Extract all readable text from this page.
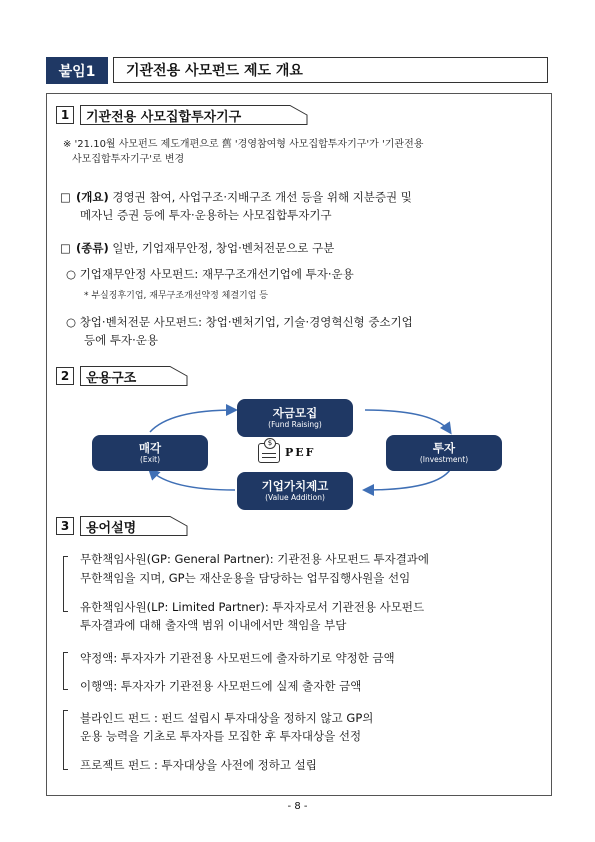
붙임1	기관전용 사모펀드 제도 개요
1	기관전용 사모집합투자기구
※ '21.10월 사모펀드 제도개편으로 舊 '경영참여형 사모집합투자기구'가 '기관전용
사모집합투자기구'로 변경
□ (개요) 경영권 참여, 사업구조·지배구조 개선 등을 위해 지분증권 및
메자닌 증권 등에 투자·운용하는 사모집합투자기구
□ (종류) 일반, 기업재무안정, 창업·벤처전문으로 구분
○ 기업재무안정 사모펀드: 재무구조개선기업에 투자·운용
* 부실징후기업, 재무구조개선약정 체결기업 등
○ 창업·벤처전문 사모펀드: 창업·벤처기업, 기술·경영혁신형 중소기업
등에 투자·운용
2	운용구조
자금모집
(Fund Raising)
투자
(Investment)
기업가치제고
(Value Addition)
매각
(Exit)
$
PEF
3	용어설명
무한책임사원(GP: General Partner): 기관전용 사모펀드 투자결과에
무한책임을 지며, GP는 재산운용을 담당하는 업무집행사원을 선임
유한책임사원(LP: Limited Partner): 투자자로서 기관전용 사모펀드
투자결과에 대해 출자액 범위 이내에서만 책임을 부담
약정액: 투자자가 기관전용 사모펀드에 출자하기로 약정한 금액
이행액: 투자자가 기관전용 사모펀드에 실제 출자한 금액
블라인드 펀드 : 펀드 설립시 투자대상을 정하지 않고 GP의
운용 능력을 기초로 투자자를 모집한 후 투자대상을 선정
프로젝트 펀드 : 투자대상을 사전에 정하고 설립
- 8 -
